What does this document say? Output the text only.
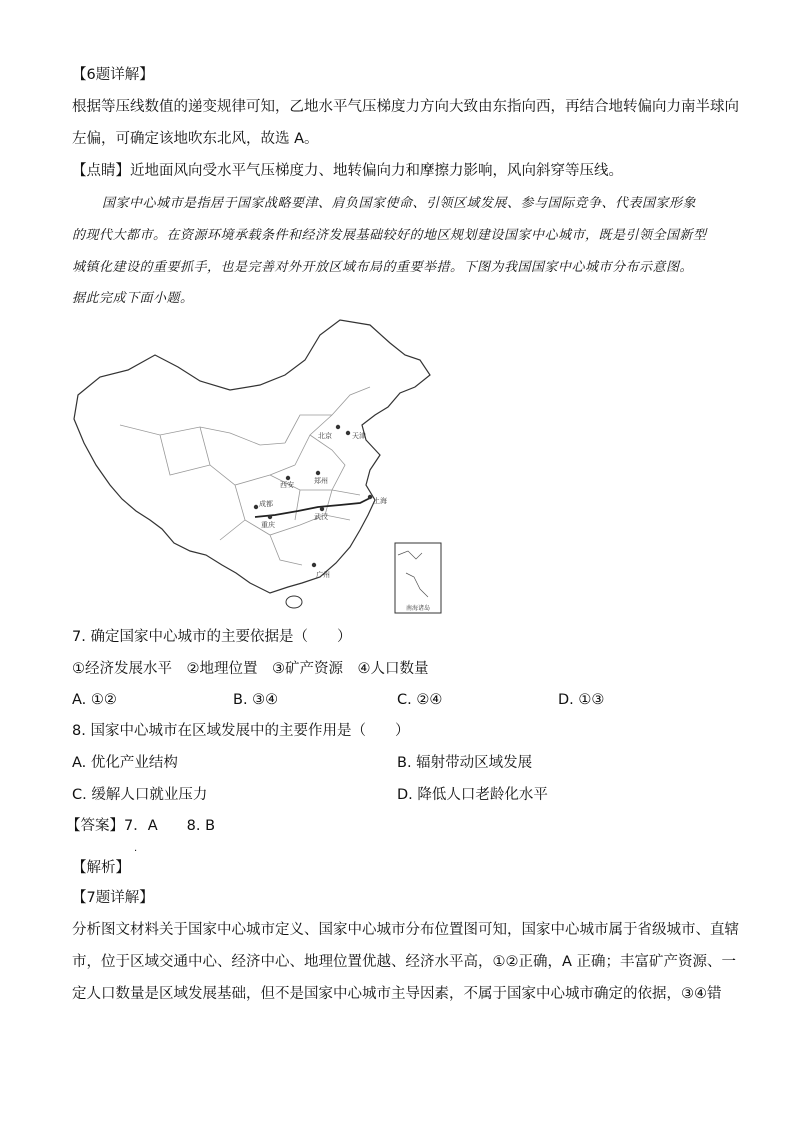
【6题详解】
根据等压线数值的递变规律可知，乙地水平气压梯度力方向大致由东指向西，再结合地转偏向力南半球向
左偏，可确定该地吹东北风，故选 A。
【点睛】近地面风向受水平气压梯度力、地转偏向力和摩擦力影响，风向斜穿等压线。
国家中心城市是指居于国家战略要津、肩负国家使命、引领区域发展、参与国际竞争、代表国家形象
的现代大都市。在资源环境承载条件和经济发展基础较好的地区规划建设国家中心城市，既是引领全国新型
城镇化建设的重要抓手，也是完善对外开放区域布局的重要举措。下图为我国国家中心城市分布示意图。
据此完成下面小题。
北京	天津
西安	郑州
成都
重庆
武汉
上海
广州
南海诸岛
7. 确定国家中心城市的主要依据是（　　）
①经济发展水平　②地理位置　③矿产资源　④人口数量
A. ①②	B. ③④	C. ②④	D. ①③
8. 国家中心城市在区域发展中的主要作用是（　　）
A. 优化产业结构	B. 辐射带动区域发展
C. 缓解人口就业压力	D. 降低人口老龄化水平
【答案】7．A　　8. B
·
【解析】
【7题详解】
分析图文材料关于国家中心城市定义、国家中心城市分布位置图可知，国家中心城市属于省级城市、直辖
市，位于区域交通中心、经济中心、地理位置优越、经济水平高，①②正确，A 正确；丰富矿产资源、一
定人口数量是区域发展基础，但不是国家中心城市主导因素，不属于国家中心城市确定的依据，③④错
